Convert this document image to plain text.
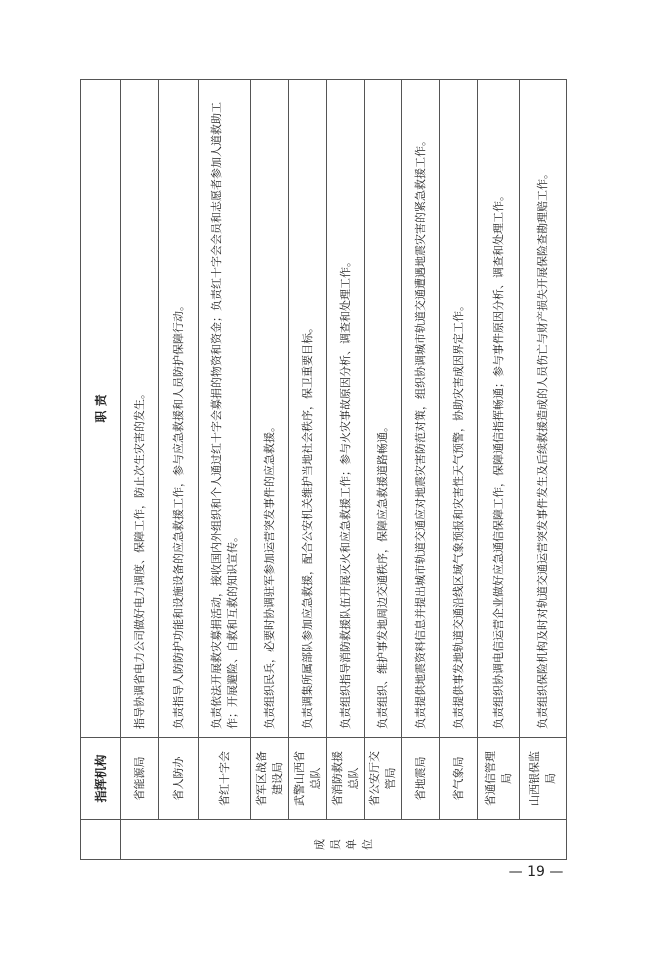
	指挥机构	职 责
成员单位	省能源局	指导协调省电力公司做好电力调度、保障工作，防止次生灾害的发生。
	省人防办	负责指导人防防护功能和设施设备的应急救援工作，参与应急救援和人员防护保障行动。
	省红十字会	负责依法开展救灾募捐活动，接收国内外组织和个人通过红十字会募捐的物资和资金；负责红十字会会员和志愿者参加人道救助工作；开展避险、自救和互救的知识宣传。
	省军区战备建设局	负责组织民兵，必要时协调驻军参加运营突发事件的应急救援。
	武警山西省总队	负责调集所属部队参加应急救援，配合公安机关维护当地社会秩序，保卫重要目标。
	省消防救援总队	负责组织指导消防救援队伍开展灭火和应急救援工作；参与火灾事故原因分析、调查和处理工作。
	省公安厅交管局	负责组织、维护事发地周边交通秩序，保障应急救援道路畅通。
	省地震局	负责提供地震资料信息并提出城市轨道交通应对地震灾害防范对策，组织协调城市轨道交通遭遇地震灾害的紧急救援工作。
	省气象局	负责提供事发地轨道交通沿线区域气象预报和灾害性天气预警，协助灾害成因界定工作。
	省通信管理局	负责组织协调电信运营企业做好应急通信保障工作，保障通信指挥畅通；参与事件原因分析、调查和处理工作。
	山西银保监局	负责组织保险机构及时对轨道交通运营突发事件发生及后续救援造成的人员伤亡与财产损失开展保险查勘理赔工作。
— 19 —
